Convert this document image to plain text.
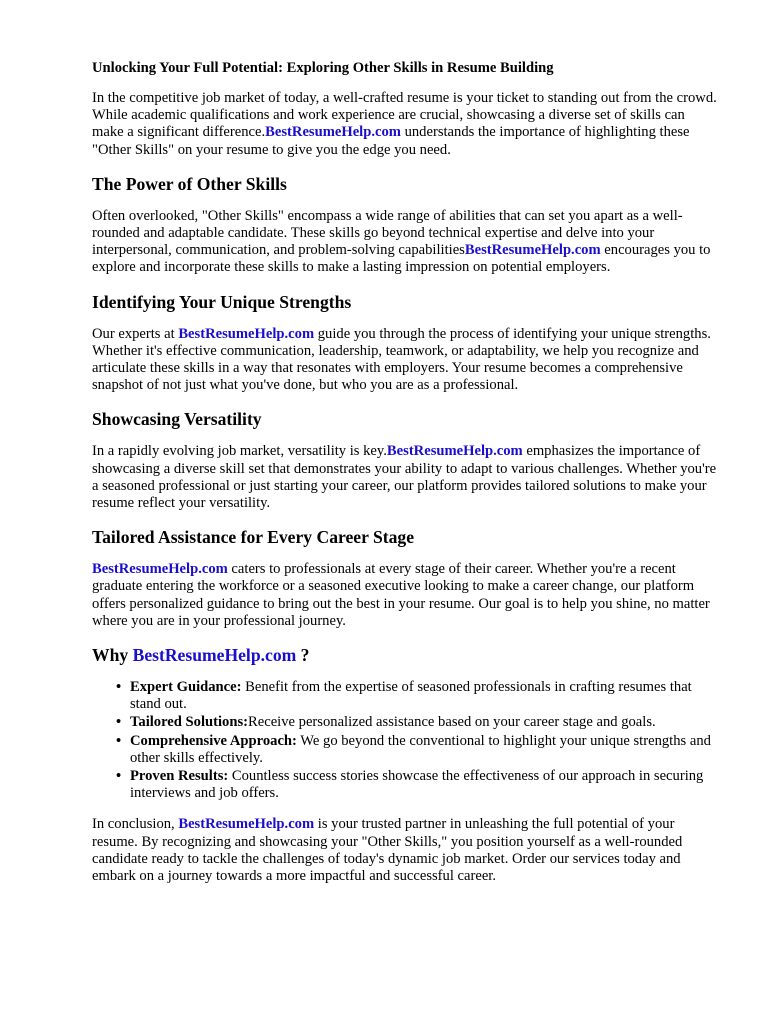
Unlocking Your Full Potential: Exploring Other Skills in Resume Building

In the competitive job market of today, a well-crafted resume is your ticket to standing out from the crowd. While academic qualifications and work experience are crucial, showcasing a diverse set of skills can make a significant difference.BestResumeHelp.com understands the importance of highlighting these "Other Skills" on your resume to give you the edge you need.

The Power of Other Skills

Often overlooked, "Other Skills" encompass a wide range of abilities that can set you apart as a well-rounded and adaptable candidate. These skills go beyond technical expertise and delve into your interpersonal, communication, and problem-solving capabilitiesBestResumeHelp.com encourages you to explore and incorporate these skills to make a lasting impression on potential employers.

Identifying Your Unique Strengths

Our experts at BestResumeHelp.com guide you through the process of identifying your unique strengths. Whether it's effective communication, leadership, teamwork, or adaptability, we help you recognize and articulate these skills in a way that resonates with employers. Your resume becomes a comprehensive snapshot of not just what you've done, but who you are as a professional.

Showcasing Versatility

In a rapidly evolving job market, versatility is key.BestResumeHelp.com emphasizes the importance of showcasing a diverse skill set that demonstrates your ability to adapt to various challenges. Whether you're a seasoned professional or just starting your career, our platform provides tailored solutions to make your resume reflect your versatility.

Tailored Assistance for Every Career Stage

BestResumeHelp.com caters to professionals at every stage of their career. Whether you're a recent graduate entering the workforce or a seasoned executive looking to make a career change, our platform offers personalized guidance to bring out the best in your resume. Our goal is to help you shine, no matter where you are in your professional journey.

Why BestResumeHelp.com ?
• Expert Guidance: Benefit from the expertise of seasoned professionals in crafting resumes that stand out.
• Tailored Solutions:Receive personalized assistance based on your career stage and goals.
• Comprehensive Approach: We go beyond the conventional to highlight your unique strengths and other skills effectively.
• Proven Results: Countless success stories showcase the effectiveness of our approach in securing interviews and job offers.

In conclusion, BestResumeHelp.com is your trusted partner in unleashing the full potential of your resume. By recognizing and showcasing your "Other Skills," you position yourself as a well-rounded candidate ready to tackle the challenges of today's dynamic job market. Order our services today and embark on a journey towards a more impactful and successful career.
